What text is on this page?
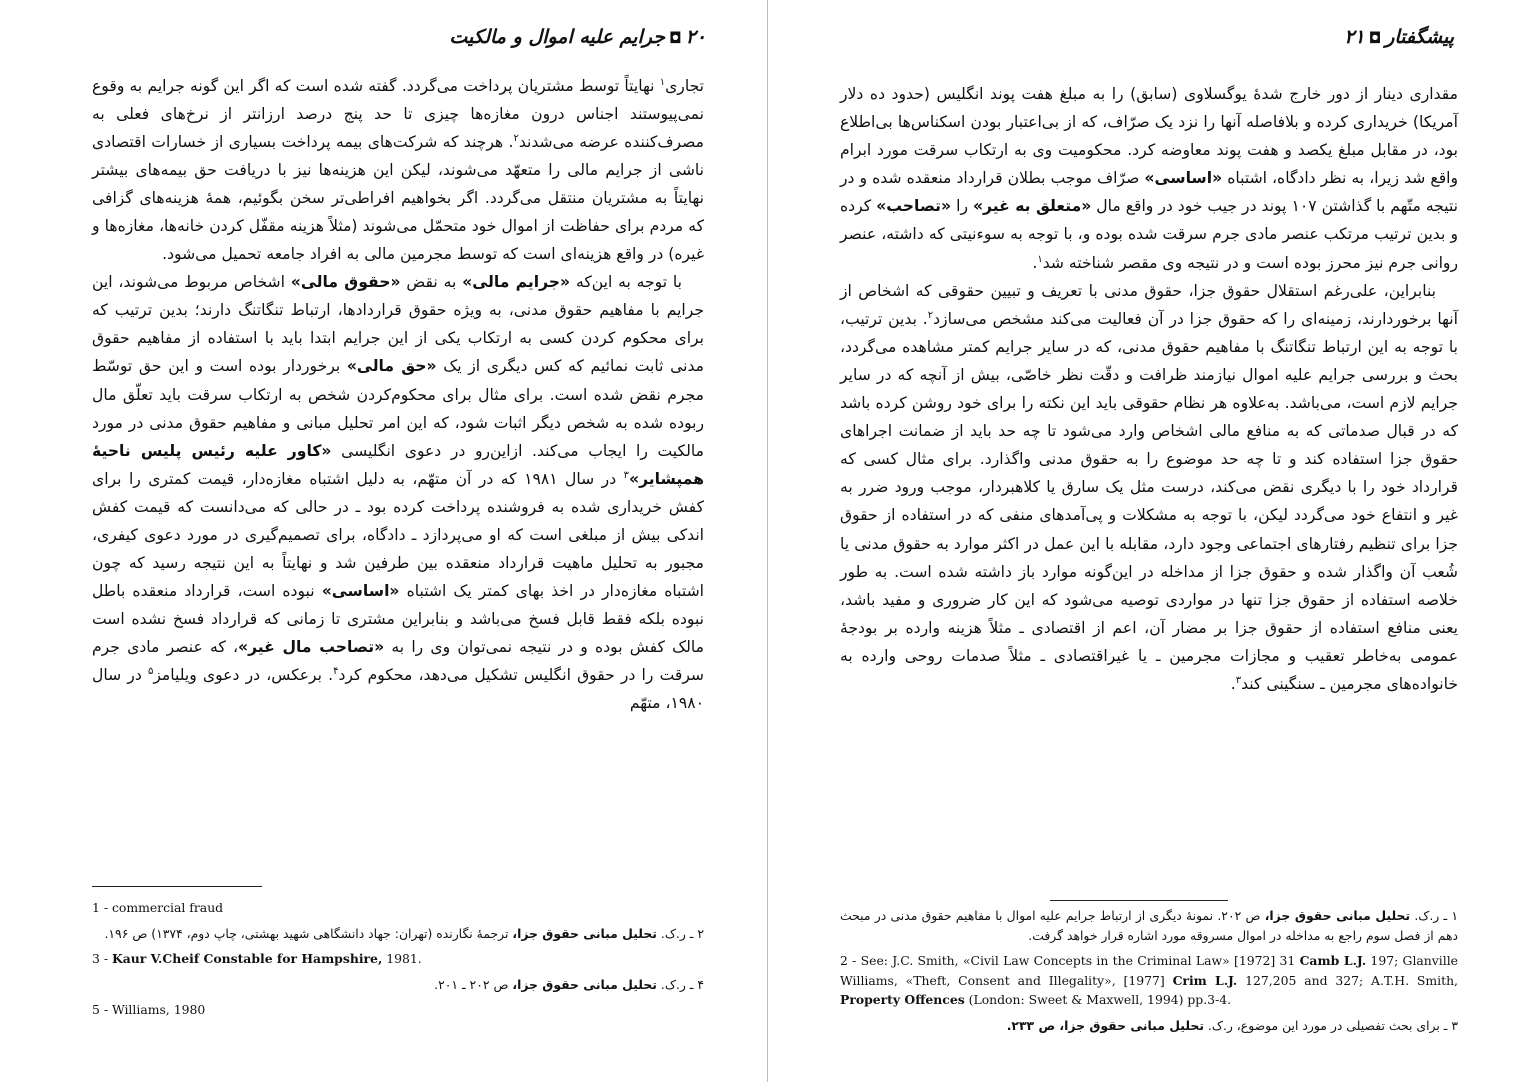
۲۰◘جرایم علیه اموال و مالکیت

تجاری$^۱$ نهایتاً توسط مشتریان پرداخت می‌گردد. گفته شده است که اگر این گونه جرایم به وقوع نمی‌پیوستند اجناس درون مغازه‌ها چیزی تا حد پنج درصد ارزانتر از نرخ‌های فعلی به مصرف‌کننده عرضه می‌شدند$^۲$. هرچند که شرکت‌های بیمه پرداخت بسیاری از خسارات اقتصادی ناشی از جرایم مالی را متعهّد می‌شوند، لیکن این هزینه‌ها نیز با دریافت حق بیمه‌های بیشتر نهایتاً به مشتریان منتقل می‌گردد. اگر بخواهیم افراطی‌تر سخن بگوئیم، همهٔ هزینه‌های گزافی که مردم برای حفاظت از اموال خود متحمّل می‌شوند (مثلاً هزینه مقفّل کردن خانه‌ها، مغازه‌ها و غیره) در واقع هزینه‌ای است که توسط مجرمین مالی به افراد جامعه تحمیل می‌شود.

با توجه به این‌که «جرایم مالی» به نقض «حقوق مالی» اشخاص مربوط می‌شوند، این جرایم با مفاهیم حقوق مدنی، به ویژه حقوق قراردادها، ارتباط تنگاتنگ دارند؛ بدین ترتیب که برای محکوم کردن کسی به ارتکاب یکی از این جرایم ابتدا باید با استفاده از مفاهیم حقوق مدنی ثابت نمائیم که کس دیگری از یک «حق مالی» برخوردار بوده است و این حق توسّط مجرم نقض شده است. برای مثال برای محکوم‌کردن شخص به ارتکاب سرقت باید تعلّق مال ربوده شده به شخص دیگر اثبات شود، که این امر تحلیل مبانی و مفاهیم حقوق مدنی در مورد مالکیت را ایجاب می‌کند. ازاین‌رو در دعوی انگلیسی «کاور علیه رئیس پلیس ناحیهٔ همپشایر»$^۳$ در سال ۱۹۸۱ که در آن متهّم، به دلیل اشتباه مغازه‌دار، قیمت کمتری را برای کفش خریداری شده به فروشنده پرداخت کرده بود ـ در حالی که می‌دانست که قیمت کفش اندکی بیش از مبلغی است که او می‌پردازد ـ دادگاه، برای تصمیم‌گیری در مورد دعوی کیفری، مجبور به تحلیل ماهیت قرارداد منعقده بین طرفین شد و نهایتاً به این نتیجه رسید که چون اشتباه مغازه‌دار در اخذ بهای کمتر یک اشتباه «اساسی» نبوده است، قرارداد منعقده باطل نبوده بلکه فقط قابل فسخ می‌باشد و بنابراین مشتری تا زمانی که قرارداد فسخ نشده است مالک کفش بوده و در نتیجه نمی‌توان وی را به «تصاحب مال غیر»، که عنصر مادی جرم سرقت را در حقوق انگلیس تشکیل می‌دهد، محکوم کرد$^۴$. برعکس، در دعوی ویلیامز$^۵$ در سال ۱۹۸۰، متهّم

1 - commercial fraud
۲ ـ ر.ک. تحلیل مبانی حقوق جزا، ترجمهٔ نگارنده (تهران: جهاد دانشگاهی شهید بهشتی، چاپ دوم، ۱۳۷۴) ص ۱۹۶.
3 - Kaur V.Cheif Constable for Hampshire, 1981.
۴ ـ ر.ک. تحلیل مبانی حقوق جزا، ص ۲۰۲ ـ ۲۰۱.
5 - Williams, 1980
پیشگفتار◘۲۱

مقداری دینار از دور خارج شدهٔ یوگسلاوی (سابق) را به مبلغ هفت پوند انگلیس (حدود ده دلار آمریکا) خریداری کرده و بلافاصله آنها را نزد یک صرّاف، که از بی‌اعتبار بودن اسکناس‌ها بی‌اطلاع بود، در مقابل مبلغ یکصد و هفت پوند معاوضه کرد. محکومیت وی به ارتکاب سرقت مورد ابرام واقع شد زیرا، به نظر دادگاه، اشتباه «اساسی» صرّاف موجب بطلان قرارداد منعقده شده و در نتیجه متّهم با گذاشتن ۱۰۷ پوند در جیب خود در واقع مال «متعلق به غیر» را «تصاحب» کرده و بدین ترتیب مرتکب عنصر مادی جرم سرقت شده بوده و، با توجه به سوءنیتی که داشته، عنصر روانی جرم نیز محرز بوده است و در نتیجه وی مقصر شناخته شد$^۱$.

بنابراین، علی‌رغم استقلال حقوق جزا، حقوق مدنی با تعریف و تبیین حقوقی که اشخاص از آنها برخوردارند، زمینه‌ای را که حقوق جزا در آن فعالیت می‌کند مشخص می‌سازد$^۲$. بدین ترتیب، با توجه به این ارتباط تنگاتنگ با مفاهیم حقوق مدنی، که در سایر جرایم کمتر مشاهده می‌گردد، بحث و بررسی جرایم علیه اموال نیازمند ظرافت و دقّت نظر خاصّی، بیش از آنچه که در سایر جرایم لازم است، می‌باشد. به‌علاوه هر نظام حقوقی باید این نکته را برای خود روشن کرده باشد که در قبال صدماتی که به منافع مالی اشخاص وارد می‌شود تا چه حد باید از ضمانت اجراهای حقوق جزا استفاده کند و تا چه حد موضوع را به حقوق مدنی واگذارد. برای مثال کسی که قرارداد خود را با دیگری نقض می‌کند، درست مثل یک سارق یا کلاهبردار، موجب ورود ضرر به غیر و انتفاع خود می‌گردد لیکن، با توجه به مشکلات و پی‌آمدهای منفی که در استفاده از حقوق جزا برای تنظیم رفتارهای اجتماعی وجود دارد، مقابله با این عمل در اکثر موارد به حقوق مدنی یا شُعب آن واگذار شده و حقوق جزا از مداخله در این‌گونه موارد باز داشته شده است. به طور خلاصه استفاده از حقوق جزا تنها در مواردی توصیه می‌شود که این کار ضروری و مفید باشد، یعنی منافع استفاده از حقوق جزا بر مضار آن، اعم از اقتصادی ـ مثلاً هزینه وارده بر بودجهٔ عمومی به‌خاطر تعقیب و مجازات مجرمین ـ یا غیراقتصادی ـ مثلاً صدمات روحی وارده به خانواده‌های مجرمین ـ سنگینی کند$^۳$.

۱ ـ ر.ک. تحلیل مبانی حقوق جزا، ص ۲۰۲. نمونهٔ دیگری از ارتباط جرایم علیه اموال با مفاهیم حقوق مدنی در مبحث دهم از فصل سوم راجع به مداخله در اموال مسروقه مورد اشاره قرار خواهد گرفت.
2 - See: J.C. Smith, «Civil Law Concepts in the Criminal Law» [1972] 31 Camb L.J. 197; Glanville Williams, «Theft, Consent and Illegality», [1977] Crim L.J. 127,205 and 327; A.T.H. Smith, Property Offences (London: Sweet & Maxwell, 1994) pp.3-4.
۳ ـ برای بحث تفصیلی در مورد این موضوع، ر.ک. تحلیل مبانی حقوق جزا، ص ۲۳۳.
